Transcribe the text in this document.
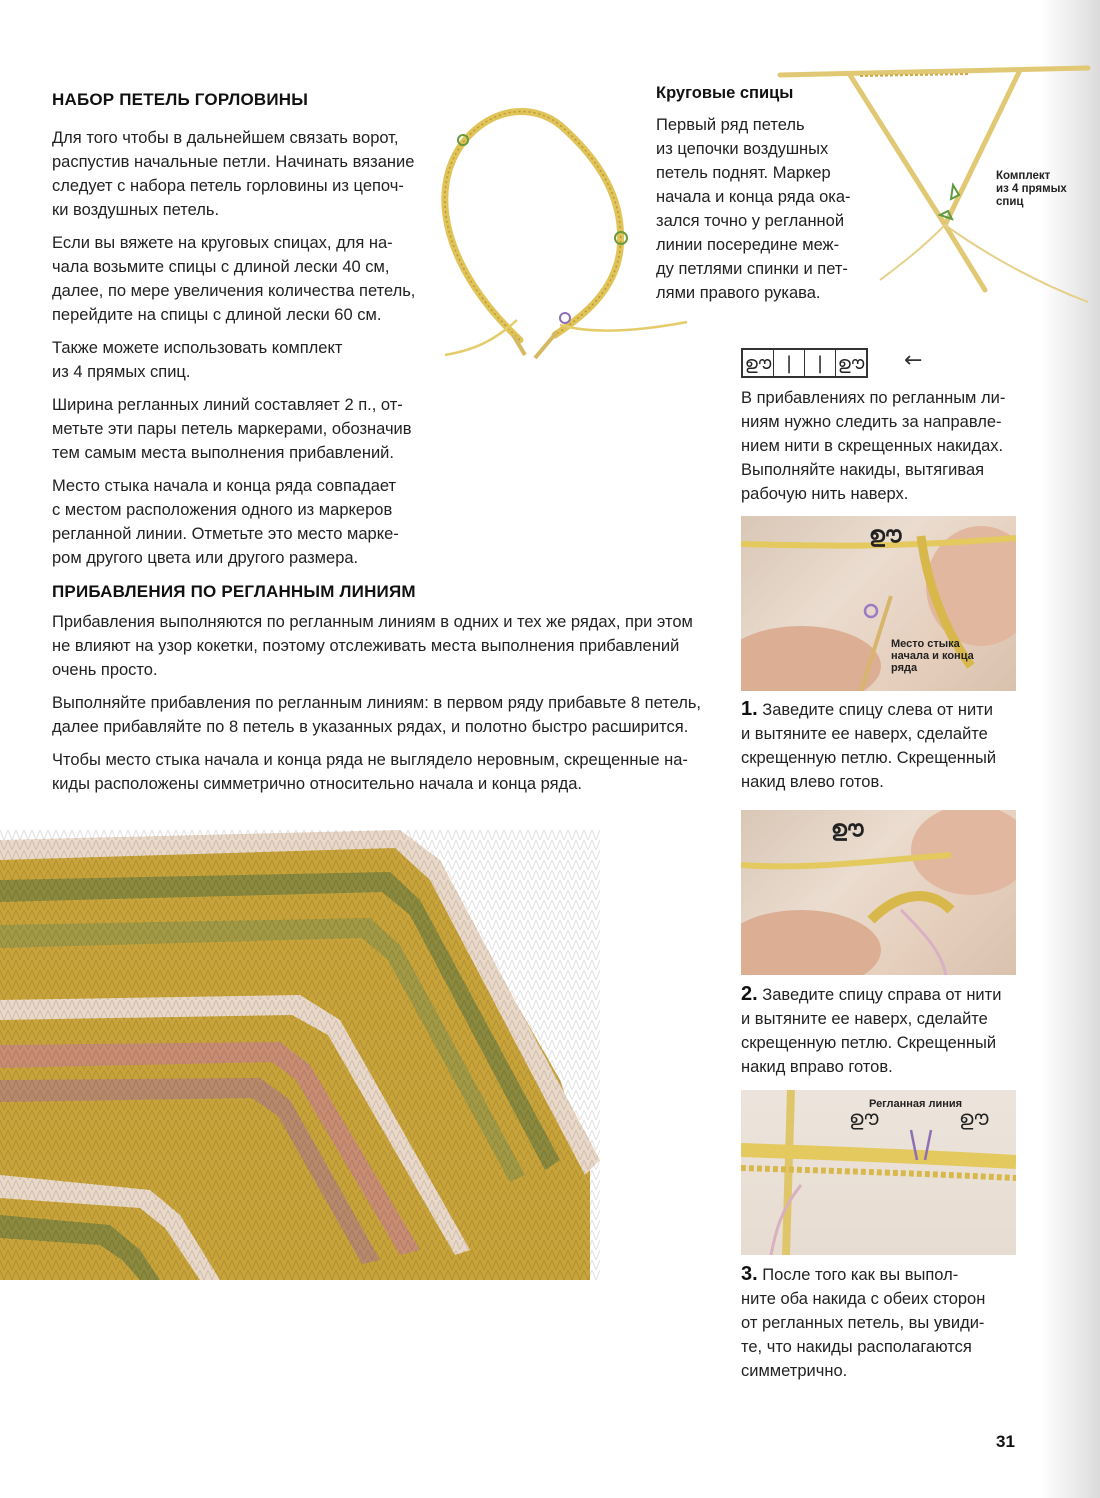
НАБОР ПЕТЕЛЬ ГОРЛОВИНЫ

Для того чтобы в дальнейшем связать ворот,
распустив начальные петли. Начинать вязание
следует с набора петель горловины из цепоч-
ки воздушных петель.

Если вы вяжете на круговых спицах, для на-
чала возьмите спицы с длиной лески 40 см,
далее, по мере увеличения количества петель,
перейдите на спицы с длиной лески 60 см.

Также можете использовать комплект
из 4 прямых спиц.

Ширина регланных линий составляет 2 п., от-
метьте эти пары петель маркерами, обозначив
тем самым места выполнения прибавлений.

Место стыка начала и конца ряда совпадает
с местом расположения одного из маркеров
регланной линии. Отметьте это место марке-
ром другого цвета или другого размера.

Круговые спицы
Первый ряд петель
из цепочки воздушных
петель поднят. Маркер
начала и конца ряда ока-
зался точно у регланной
линии посередине меж-
ду петлями спинки и пет-
лями правого рукава.
Комплект
из 4 прямых
спиц
ഊ |	| ഊ ←
В прибавлениях по регланным ли-
ниям нужно следить за направле-
нием нити в скрещенных накидах.
Выполняйте накиды, вытягивая
рабочую нить наверх.
ഊ
Место стыка
начала и конца
ряда
1. Заведите спицу слева от нити
и вытяните ее наверх, сделайте
скрещенную петлю. Скрещенный
накид влево готов.
ഊ
2. Заведите спицу справа от нити
и вытяните ее наверх, сделайте
скрещенную петлю. Скрещенный
накид вправо готов.
Регланная линия
ഊ	ഊ
3. После того как вы выпол-
ните оба накида с обеих сторон
от регланных петель, вы увиди-
те, что накиды располагаются
симметрично.
ПРИБАВЛЕНИЯ ПО РЕГЛАННЫМ ЛИНИЯМ

Прибавления выполняются по регланным линиям в одних и тех же рядах, при этом
не влияют на узор кокетки, поэтому отслеживать места выполнения прибавлений
очень просто.

Выполняйте прибавления по регланным линиям: в первом ряду прибавьте 8 петель,
далее прибавляйте по 8 петель в указанных рядах, и полотно быстро расширится.

Чтобы место стыка начала и конца ряда не выглядело неровным, скрещенные на-
киды расположены симметрично относительно начала и конца ряда.

31
